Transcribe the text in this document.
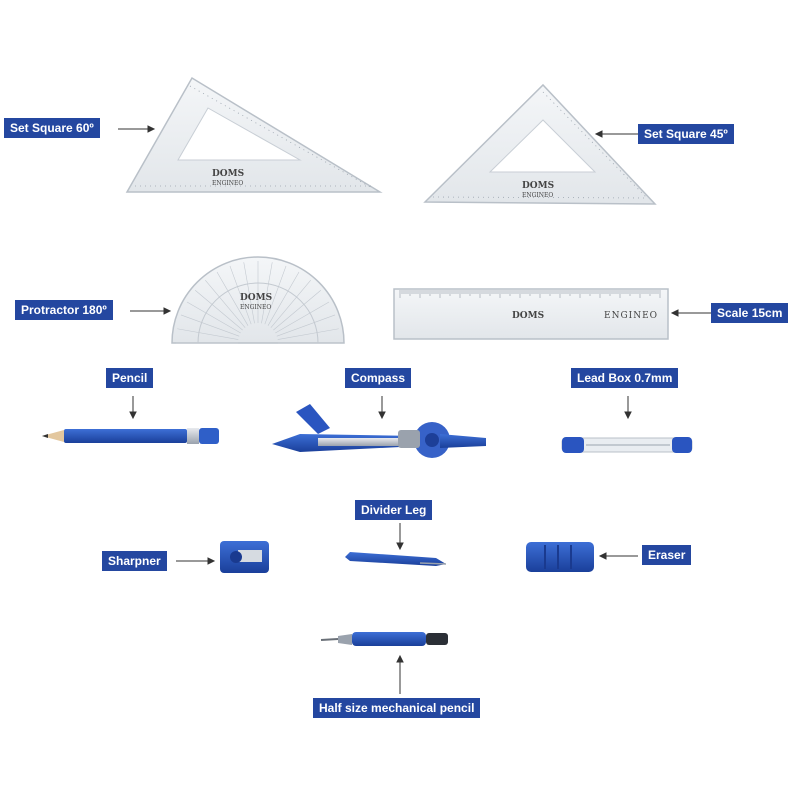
DOMS
ENGINEO	DOMS
ENGINEO
DOMS
ENGINEO
DOMS	ENGINEO
Set Square 60º	Set Square 45º
Protractor 180º	Scale 15cm
Pencil	Compass	Lead Box 0.7mm
Divider Leg
Sharpner	Eraser
Half size mechanical pencil
